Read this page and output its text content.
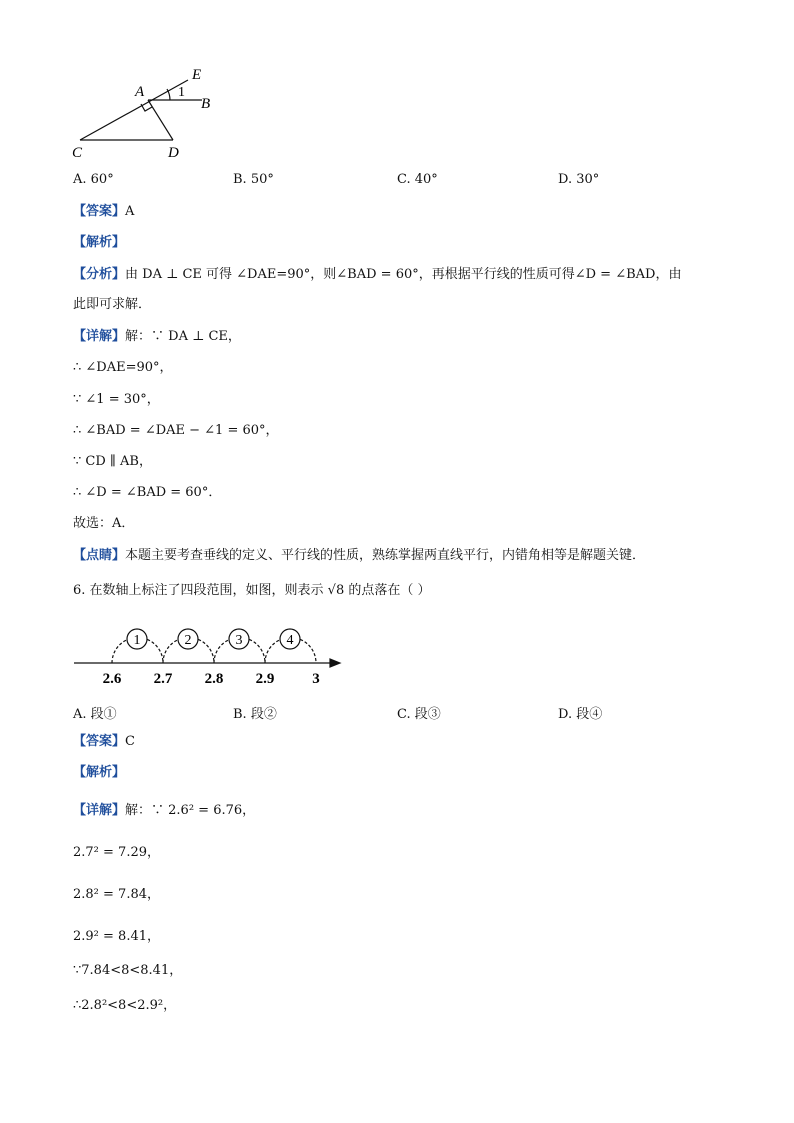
E
A 1
B
C	D
A. 60°	B. 50°	C. 40°	D. 30°
【答案】A
【解析】
【分析】由 DA ⊥ CE 可得 ∠DAE=90°，则∠BAD = 60°，再根据平行线的性质可得∠D = ∠BAD，由
此即可求解．
【详解】解：∵ DA ⊥ CE，
∴ ∠DAE=90°，
∵ ∠1 = 30°，
∴ ∠BAD = ∠DAE − ∠1 = 60°，
∵ CD ∥ AB，
∴ ∠D = ∠BAD = 60°．
故选：A．
【点睛】本题主要考查垂线的定义、平行线的性质，熟练掌握两直线平行，内错角相等是解题关键．
6. 在数轴上标注了四段范围，如图，则表示 √8 的点落在（ ）
1	2	3	4
2.6 2.7 2.8 2.9	3
A. 段①	B. 段②	C. 段③	D. 段④
【答案】C
【解析】
【详解】解：∵ 2.6² = 6.76，
2.7² = 7.29，
2.8² = 7.84，
2.9² = 8.41，
∵7.84<8<8.41，
∴2.8²<8<2.9²，
